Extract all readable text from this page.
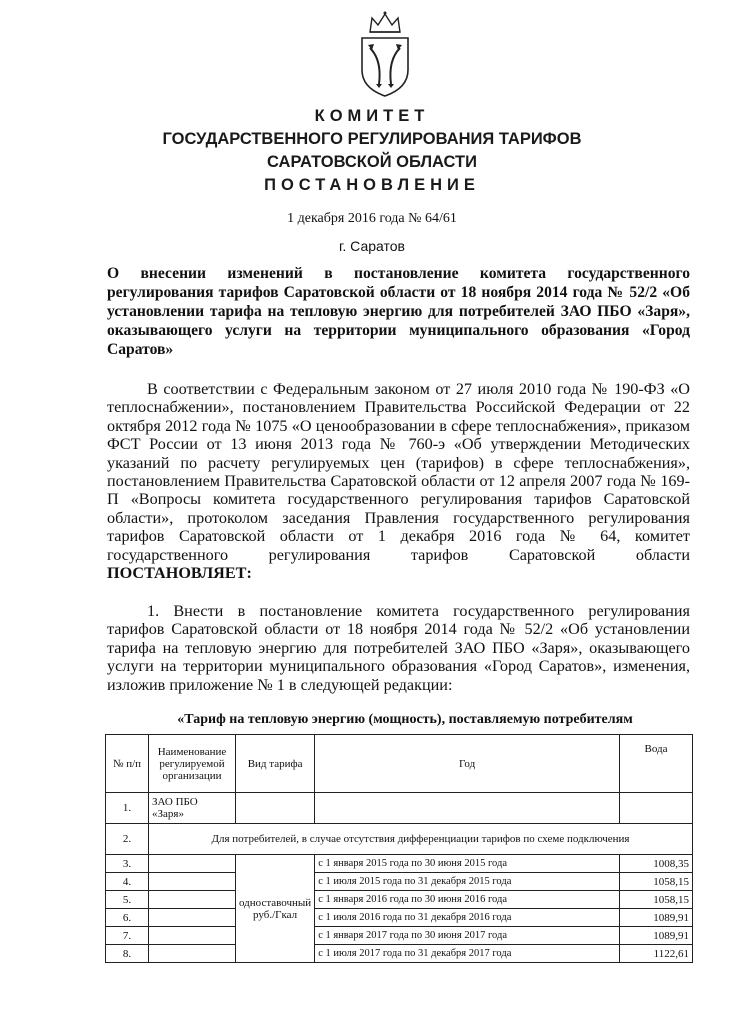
КОМИТЕТ
ГОСУДАРСТВЕННОГО РЕГУЛИРОВАНИЯ ТАРИФОВ
САРАТОВСКОЙ ОБЛАСТИ
ПОСТАНОВЛЕНИЕ
1 декабря 2016 года № 64/61
г. Саратов
О внесении изменений в постановление комитета государственного регулирования тарифов Саратовской области от 18 ноября 2014 года № 52/2 «Об установлении тарифа на тепловую энергию для потребителей ЗАО ПБО «Заря», оказывающего услуги на территории муниципального образования «Город Саратов»
В соответствии с Федеральным законом от 27 июля 2010 года № 190-ФЗ «О теплоснабжении», постановлением Правительства Российской Федерации от 22 октября 2012 года № 1075 «О ценообразовании в сфере теплоснабжения», приказом ФСТ России от 13 июня 2013 года № 760-э «Об утверждении Методических указаний по расчету регулируемых цен (тарифов) в сфере теплоснабжения», постановлением Правительства Саратовской области от 12 апреля 2007 года № 169-П «Вопросы комитета государственного регулирования тарифов Саратовской области», протоколом заседания Правления государственного регулирования тарифов Саратовской области от 1 декабря 2016 года № 64, комитет государственного регулирования тарифов Саратовской области ПОСТАНОВЛЯЕТ:
1. Внести в постановление комитета государственного регулирования тарифов Саратовской области от 18 ноября 2014 года № 52/2 «Об установлении тарифа на тепловую энергию для потребителей ЗАО ПБО «Заря», оказывающего услуги на территории муниципального образования «Город Саратов», изменения, изложив приложение № 1 в следующей редакции:
«Тариф на тепловую энергию (мощность), поставляемую потребителям
№ п/п	Наименование регулируемой организации	Вид тарифа	Год	Вода
1.	ЗАО ПБО «Заря»			
2.	Для потребителей, в случае отсутствия дифференциации тарифов по схеме подключения			
3.		одноставочный руб./Гкал	с 1 января 2015 года по 30 июня 2015 года	1008,35
4.			с 1 июля 2015 года по 31 декабря 2015 года	1058,15
5.			с 1 января 2016 года по 30 июня 2016 года	1058,15
6.			с 1 июля 2016 года по 31 декабря 2016 года	1089,91
7.			с 1 января 2017 года по 30 июня 2017 года	1089,91
8.			с 1 июля 2017 года по 31 декабря 2017 года	1122,61
